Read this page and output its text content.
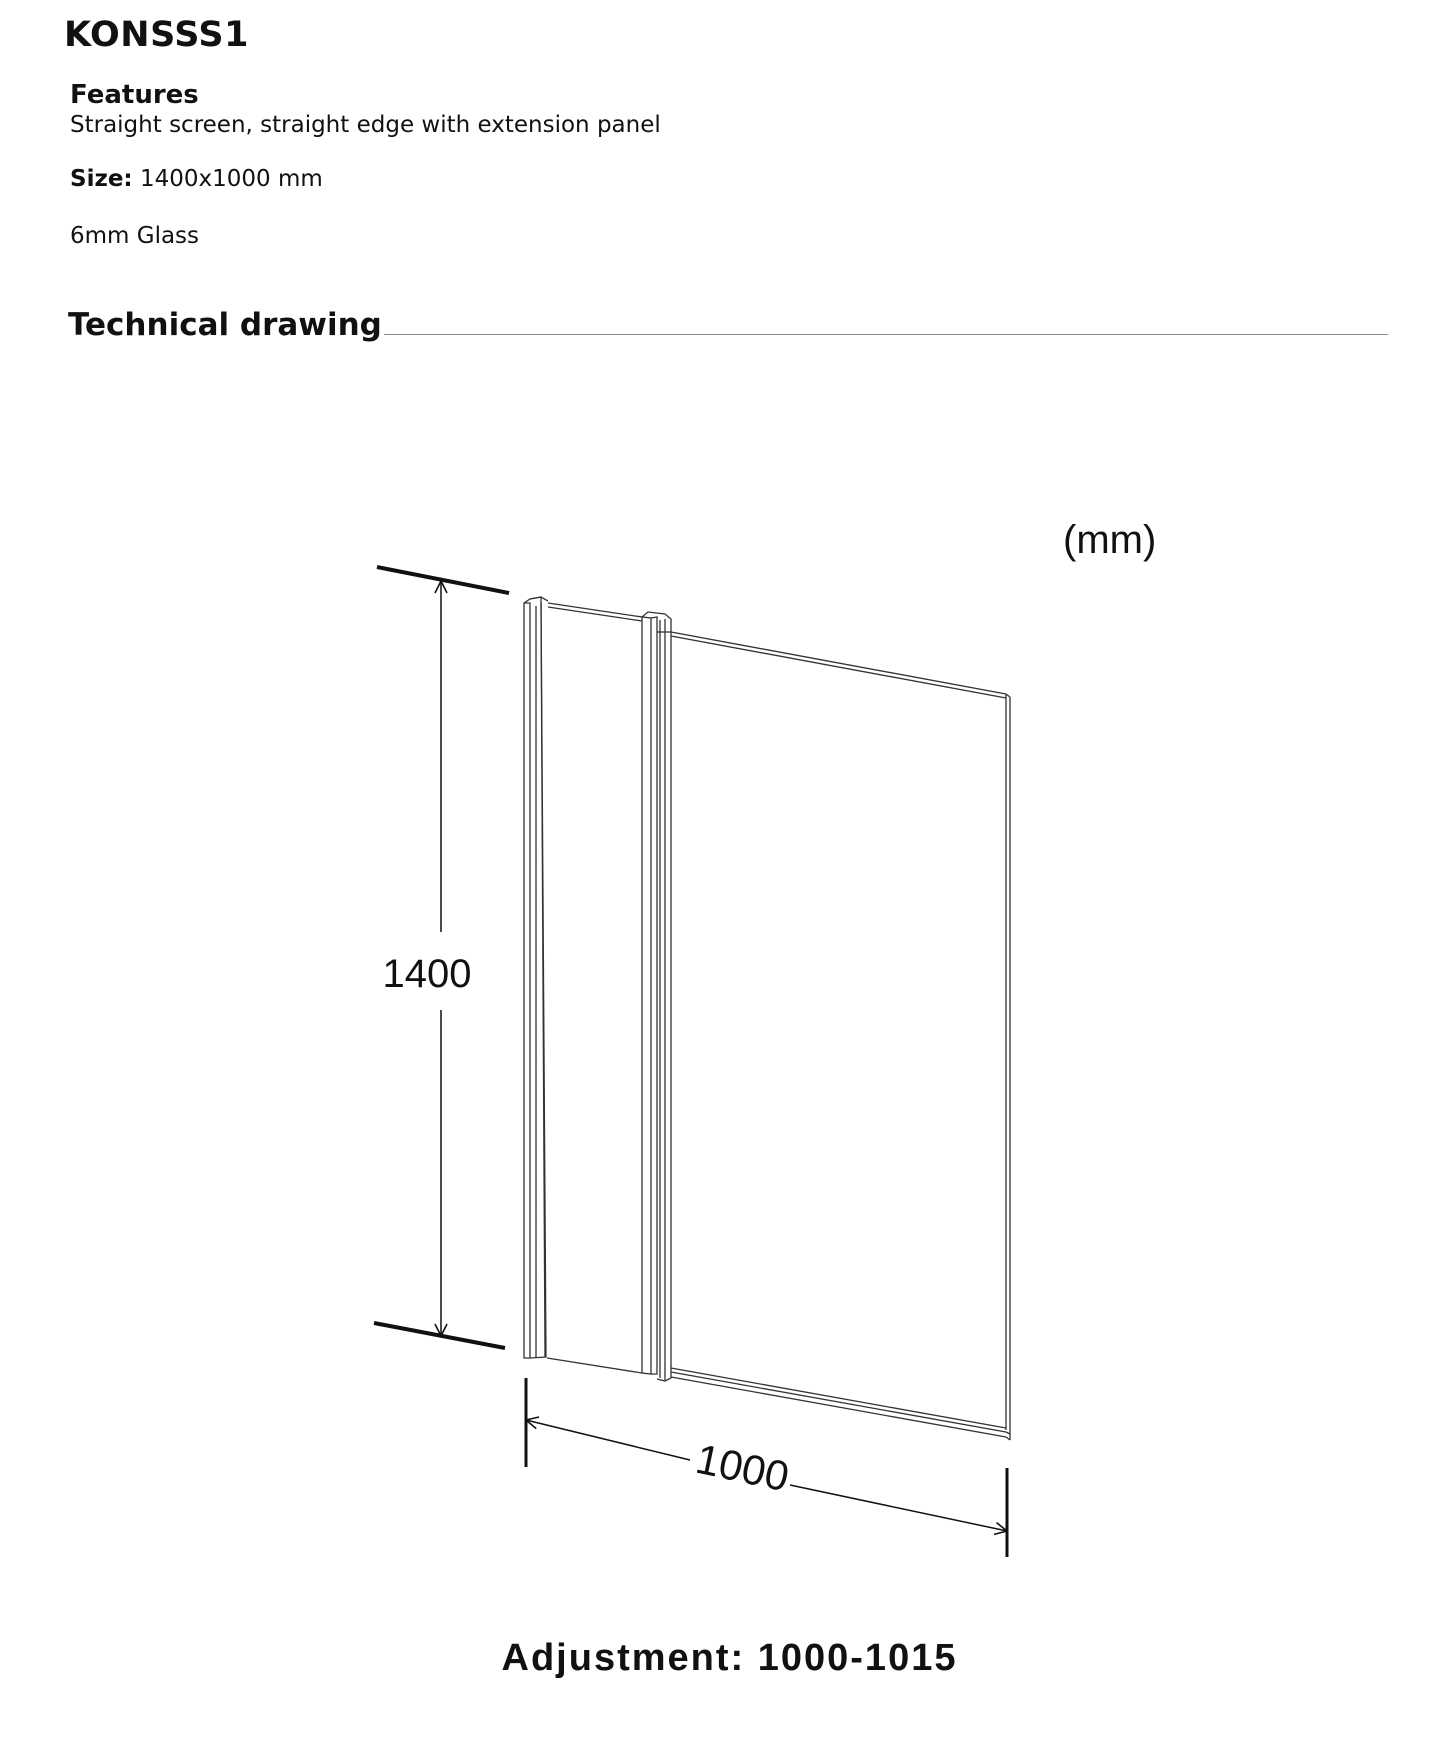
KONSSS1
Features
Straight screen, straight edge with extension panel
Size: 1400x1000 mm
6mm Glass
Technical drawing
(mm)
1400
1000
Adjustment: 1000-1015
